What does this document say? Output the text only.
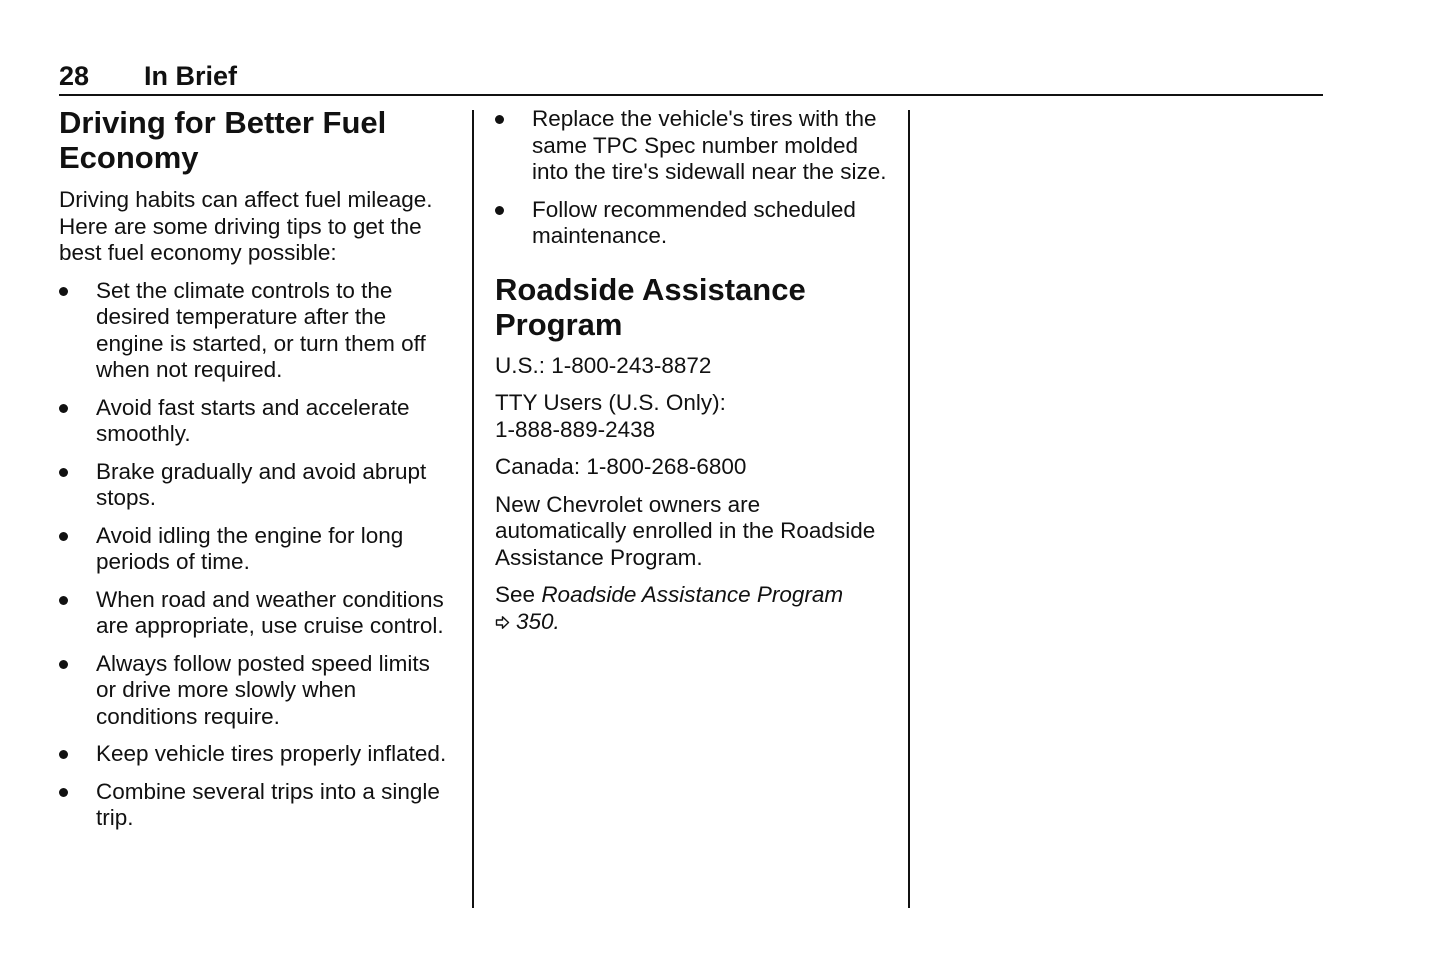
28 In Brief
Driving for Better Fuel Economy

Driving habits can affect fuel mileage. Here are some driving tips to get the best fuel economy possible:

Set the climate controls to the desired temperature after the engine is started, or turn them off when not required.
Avoid fast starts and accelerate smoothly.
Brake gradually and avoid abrupt stops.
Avoid idling the engine for long periods of time.
When road and weather conditions are appropriate, use cruise control.
Always follow posted speed limits or drive more slowly when conditions require.
Keep vehicle tires properly inflated.
Combine several trips into a single trip.
Replace the vehicle's tires with the same TPC Spec number molded into the tire's sidewall near the size.
Follow recommended scheduled maintenance.
Roadside Assistance Program

U.S.: 1-800-243-8872

TTY Users (U.S. Only):
1-888-889-2438

Canada: 1-800-268-6800

New Chevrolet owners are automatically enrolled in the Roadside Assistance Program.

See Roadside Assistance Program
350.
